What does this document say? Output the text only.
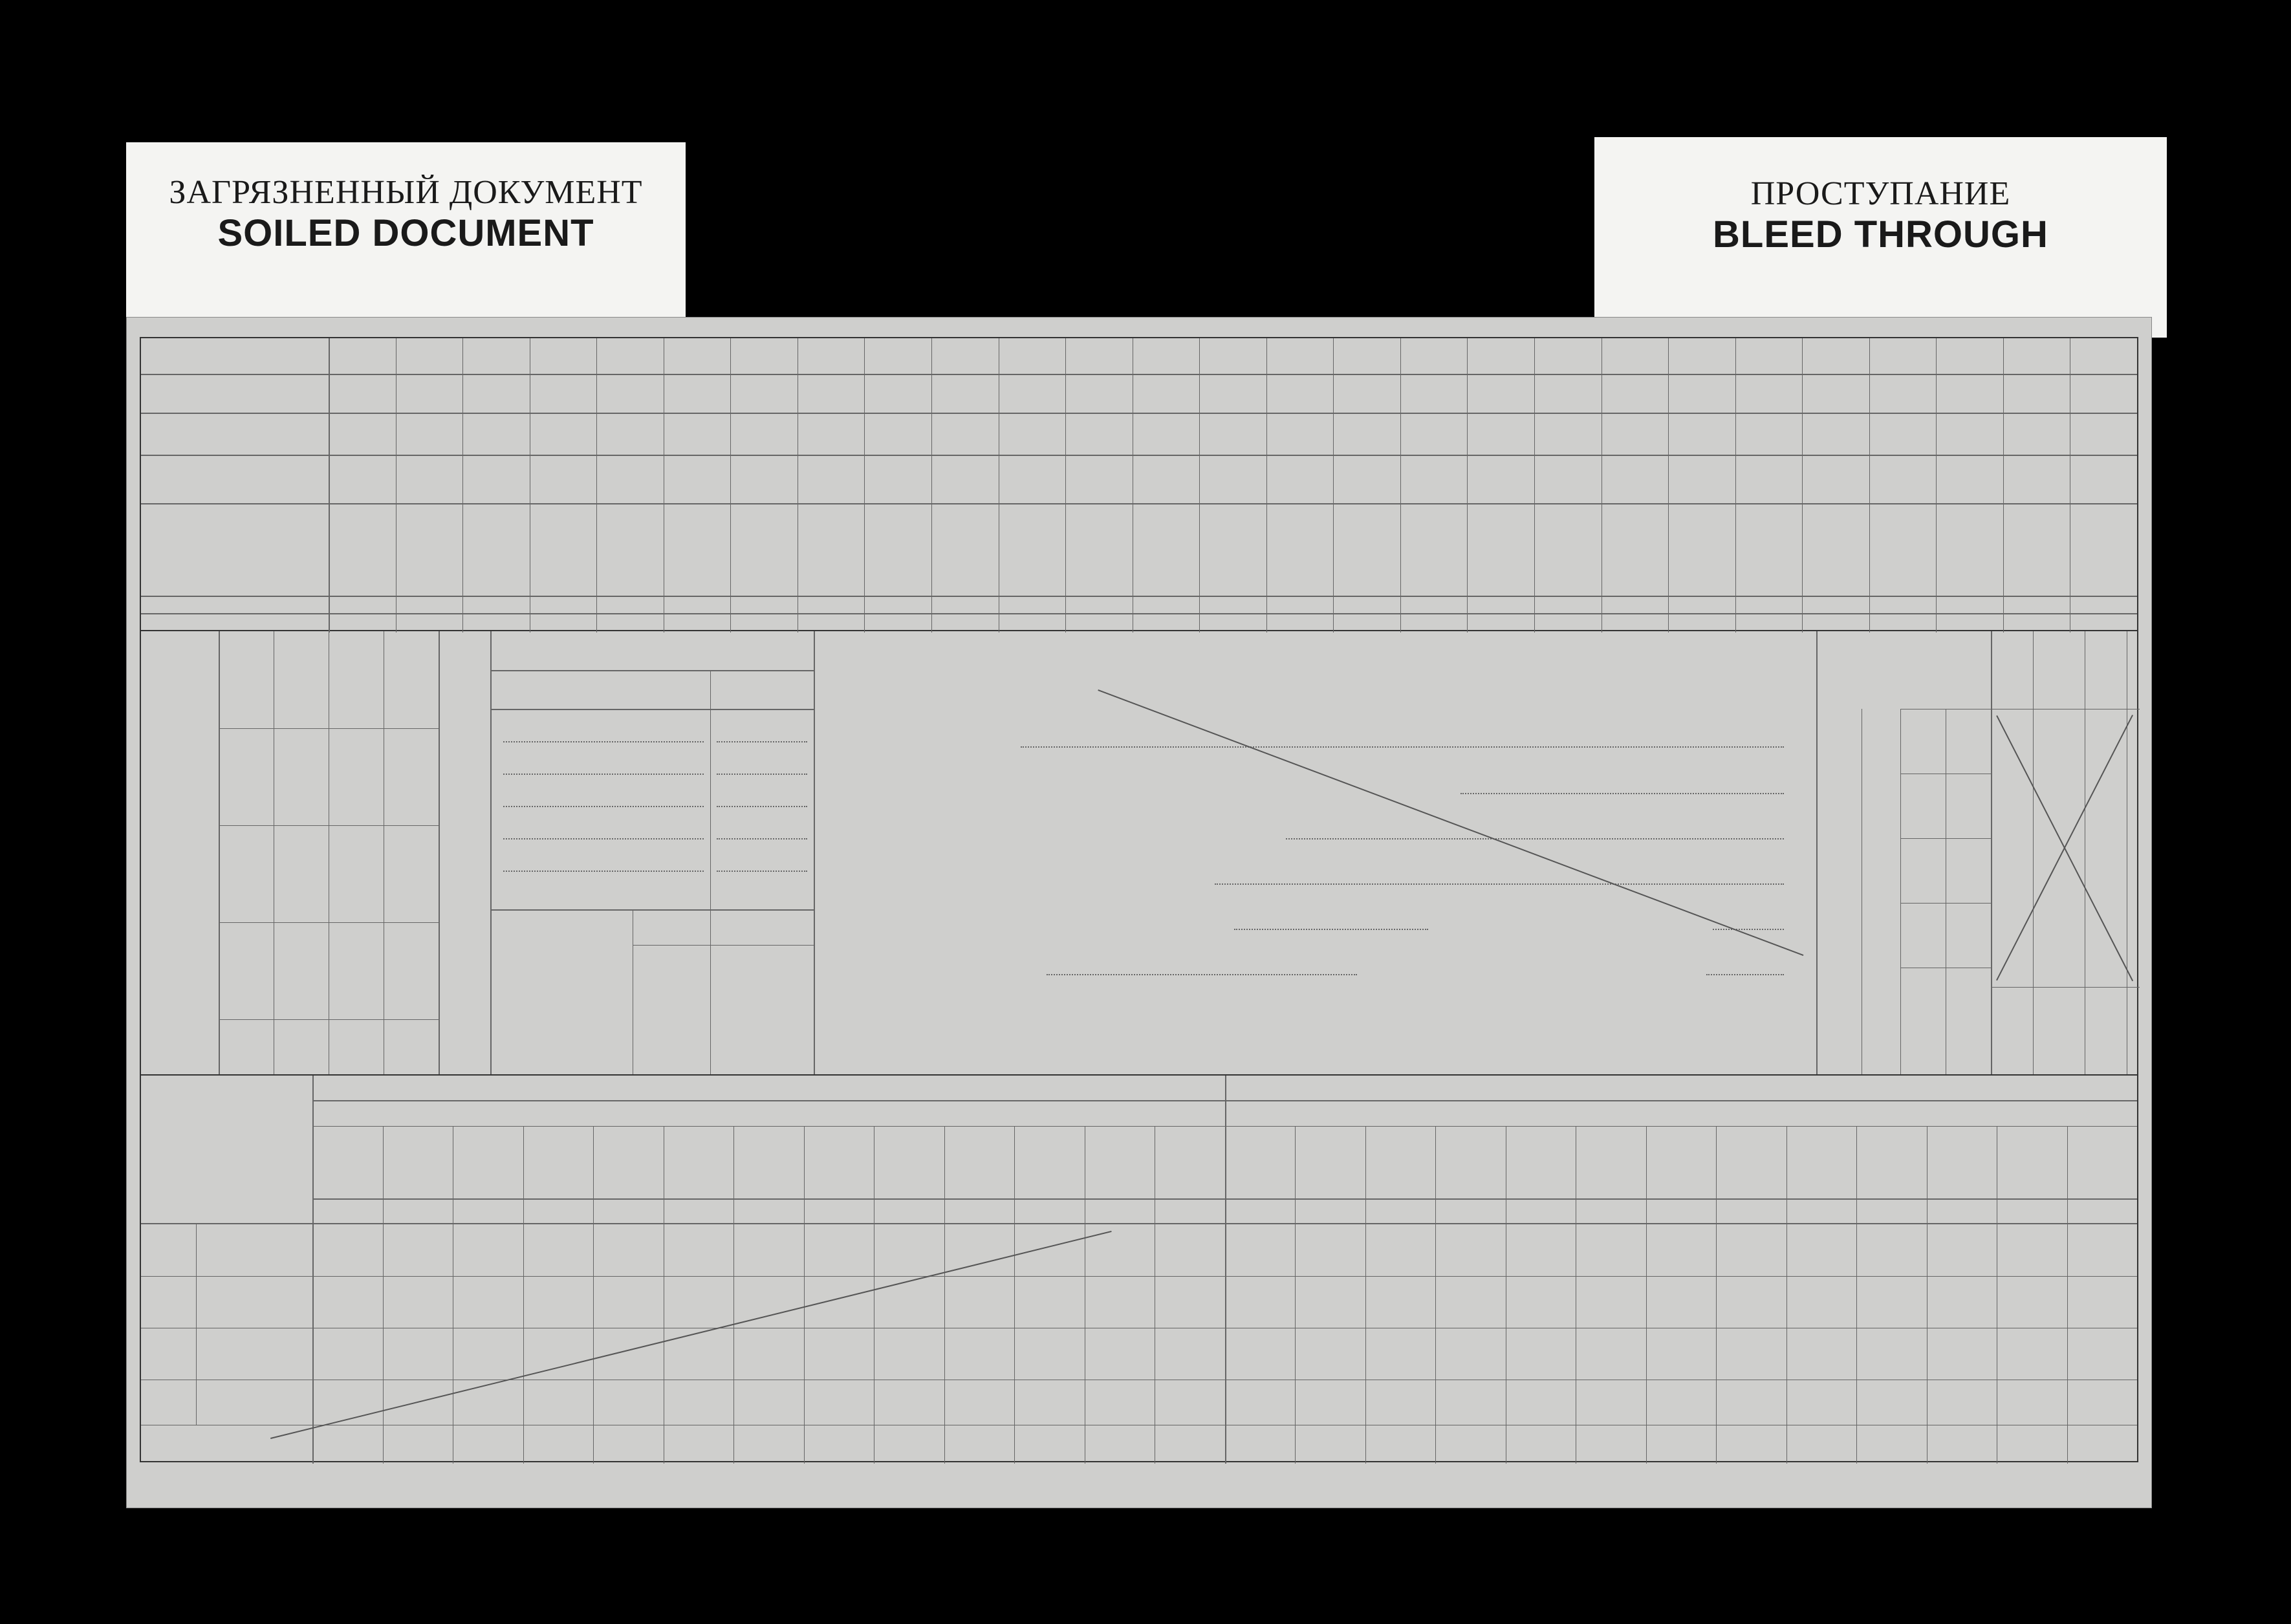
ЗАГРЯЗНЕННЫЙ ДОКУМЕНТ
SOILED DOCUMENT
ПРОСТУПАНИЕ
BLEED THROUGH
